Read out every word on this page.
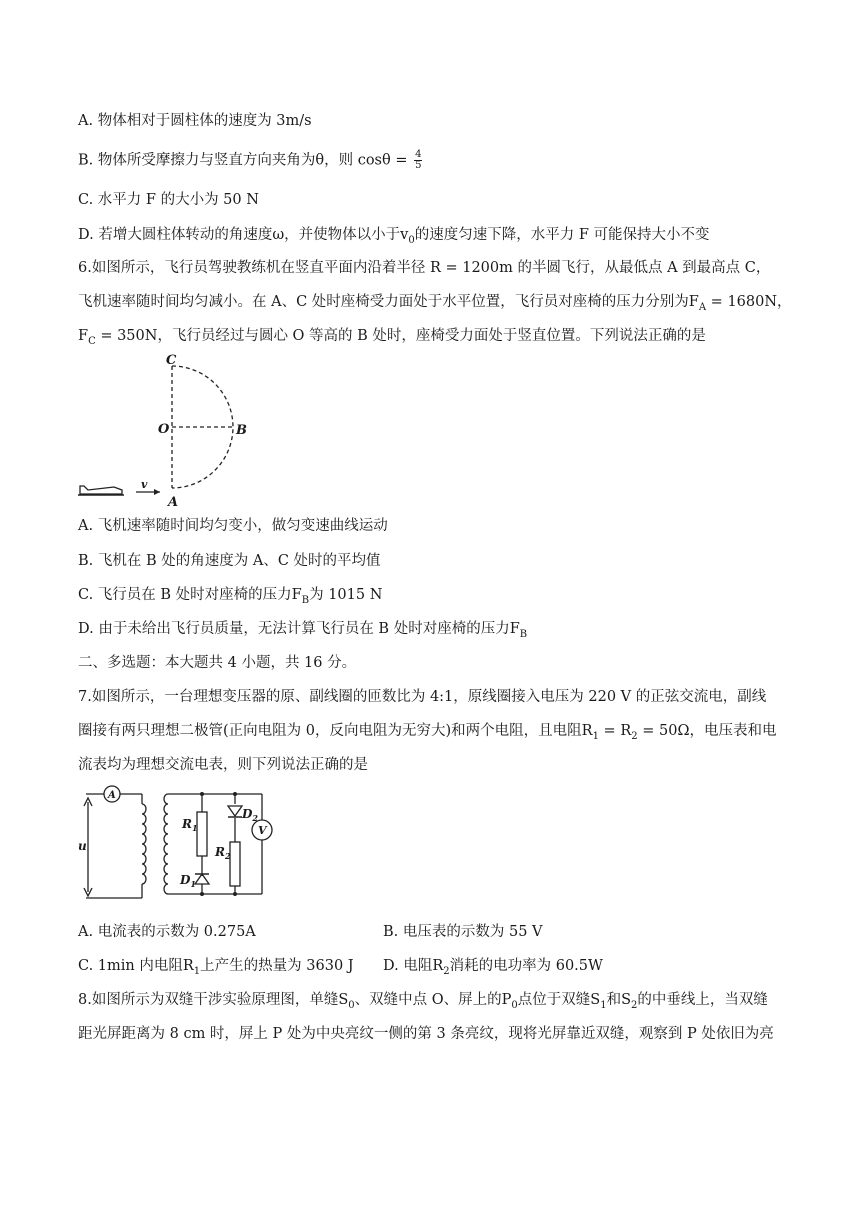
A. 物体相对于圆柱体的速度为 3m/s
B. 物体所受摩擦力与竖直方向夹角为θ，则 $\cos\theta = \frac{4}{5}$
C. 水平力 F 的大小为 50 N
D. 若增大圆柱体转动的角速度ω，并使物体以小于$v_0$的速度匀速下降，水平力 F 可能保持大小不变
6.如图所示，飞行员驾驶教练机在竖直平面内沿着半径 R = 1200m 的半圆飞行，从最低点 A 到最高点 C，
飞机速率随时间均匀减小。在 A、C 处时座椅受力面处于水平位置，飞行员对座椅的压力分别为$F_A = 1680N$，
$F_C = 350N$，飞行员经过与圆心 O 等高的 B 处时，座椅受力面处于竖直位置。下列说法正确的是
C
O	B
A
v
A. 飞机速率随时间均匀变小，做匀变速曲线运动
B. 飞机在 B 处的角速度为 A、C 处时的平均值
C. 飞行员在 B 处时对座椅的压力$F_B$为 1015 N
D. 由于未给出飞行员质量，无法计算飞行员在 B 处时对座椅的压力$F_B$
二、多选题：本大题共 4 小题，共 16 分。
7.如图所示，一台理想变压器的原、副线圈的匝数比为 4:1，原线圈接入电压为 220 V 的正弦交流电，副线
圈接有两只理想二极管(正向电阻为 0，反向电阻为无穷大)和两个电阻，且电阻$R_1 = R_2 = 50\Omega$，电压表和电
流表均为理想交流电表，则下列说法正确的是
A
u
$R_1$
$R_2$
$D_1$
$D_2$
V
A. 电流表的示数为 0.275A	B. 电压表的示数为 55 V
C. 1min 内电阻$R_1$上产生的热量为 3630 J D. 电阻$R_2$消耗的电功率为 60.5W
8.如图所示为双缝干涉实验原理图，单缝$S_0$、双缝中点 O、屏上的$P_0$点位于双缝$S_1$和$S_2$的中垂线上，当双缝
距光屏距离为 8 cm 时，屏上 P 处为中央亮纹一侧的第 3 条亮纹，现将光屏靠近双缝，观察到 P 处依旧为亮
